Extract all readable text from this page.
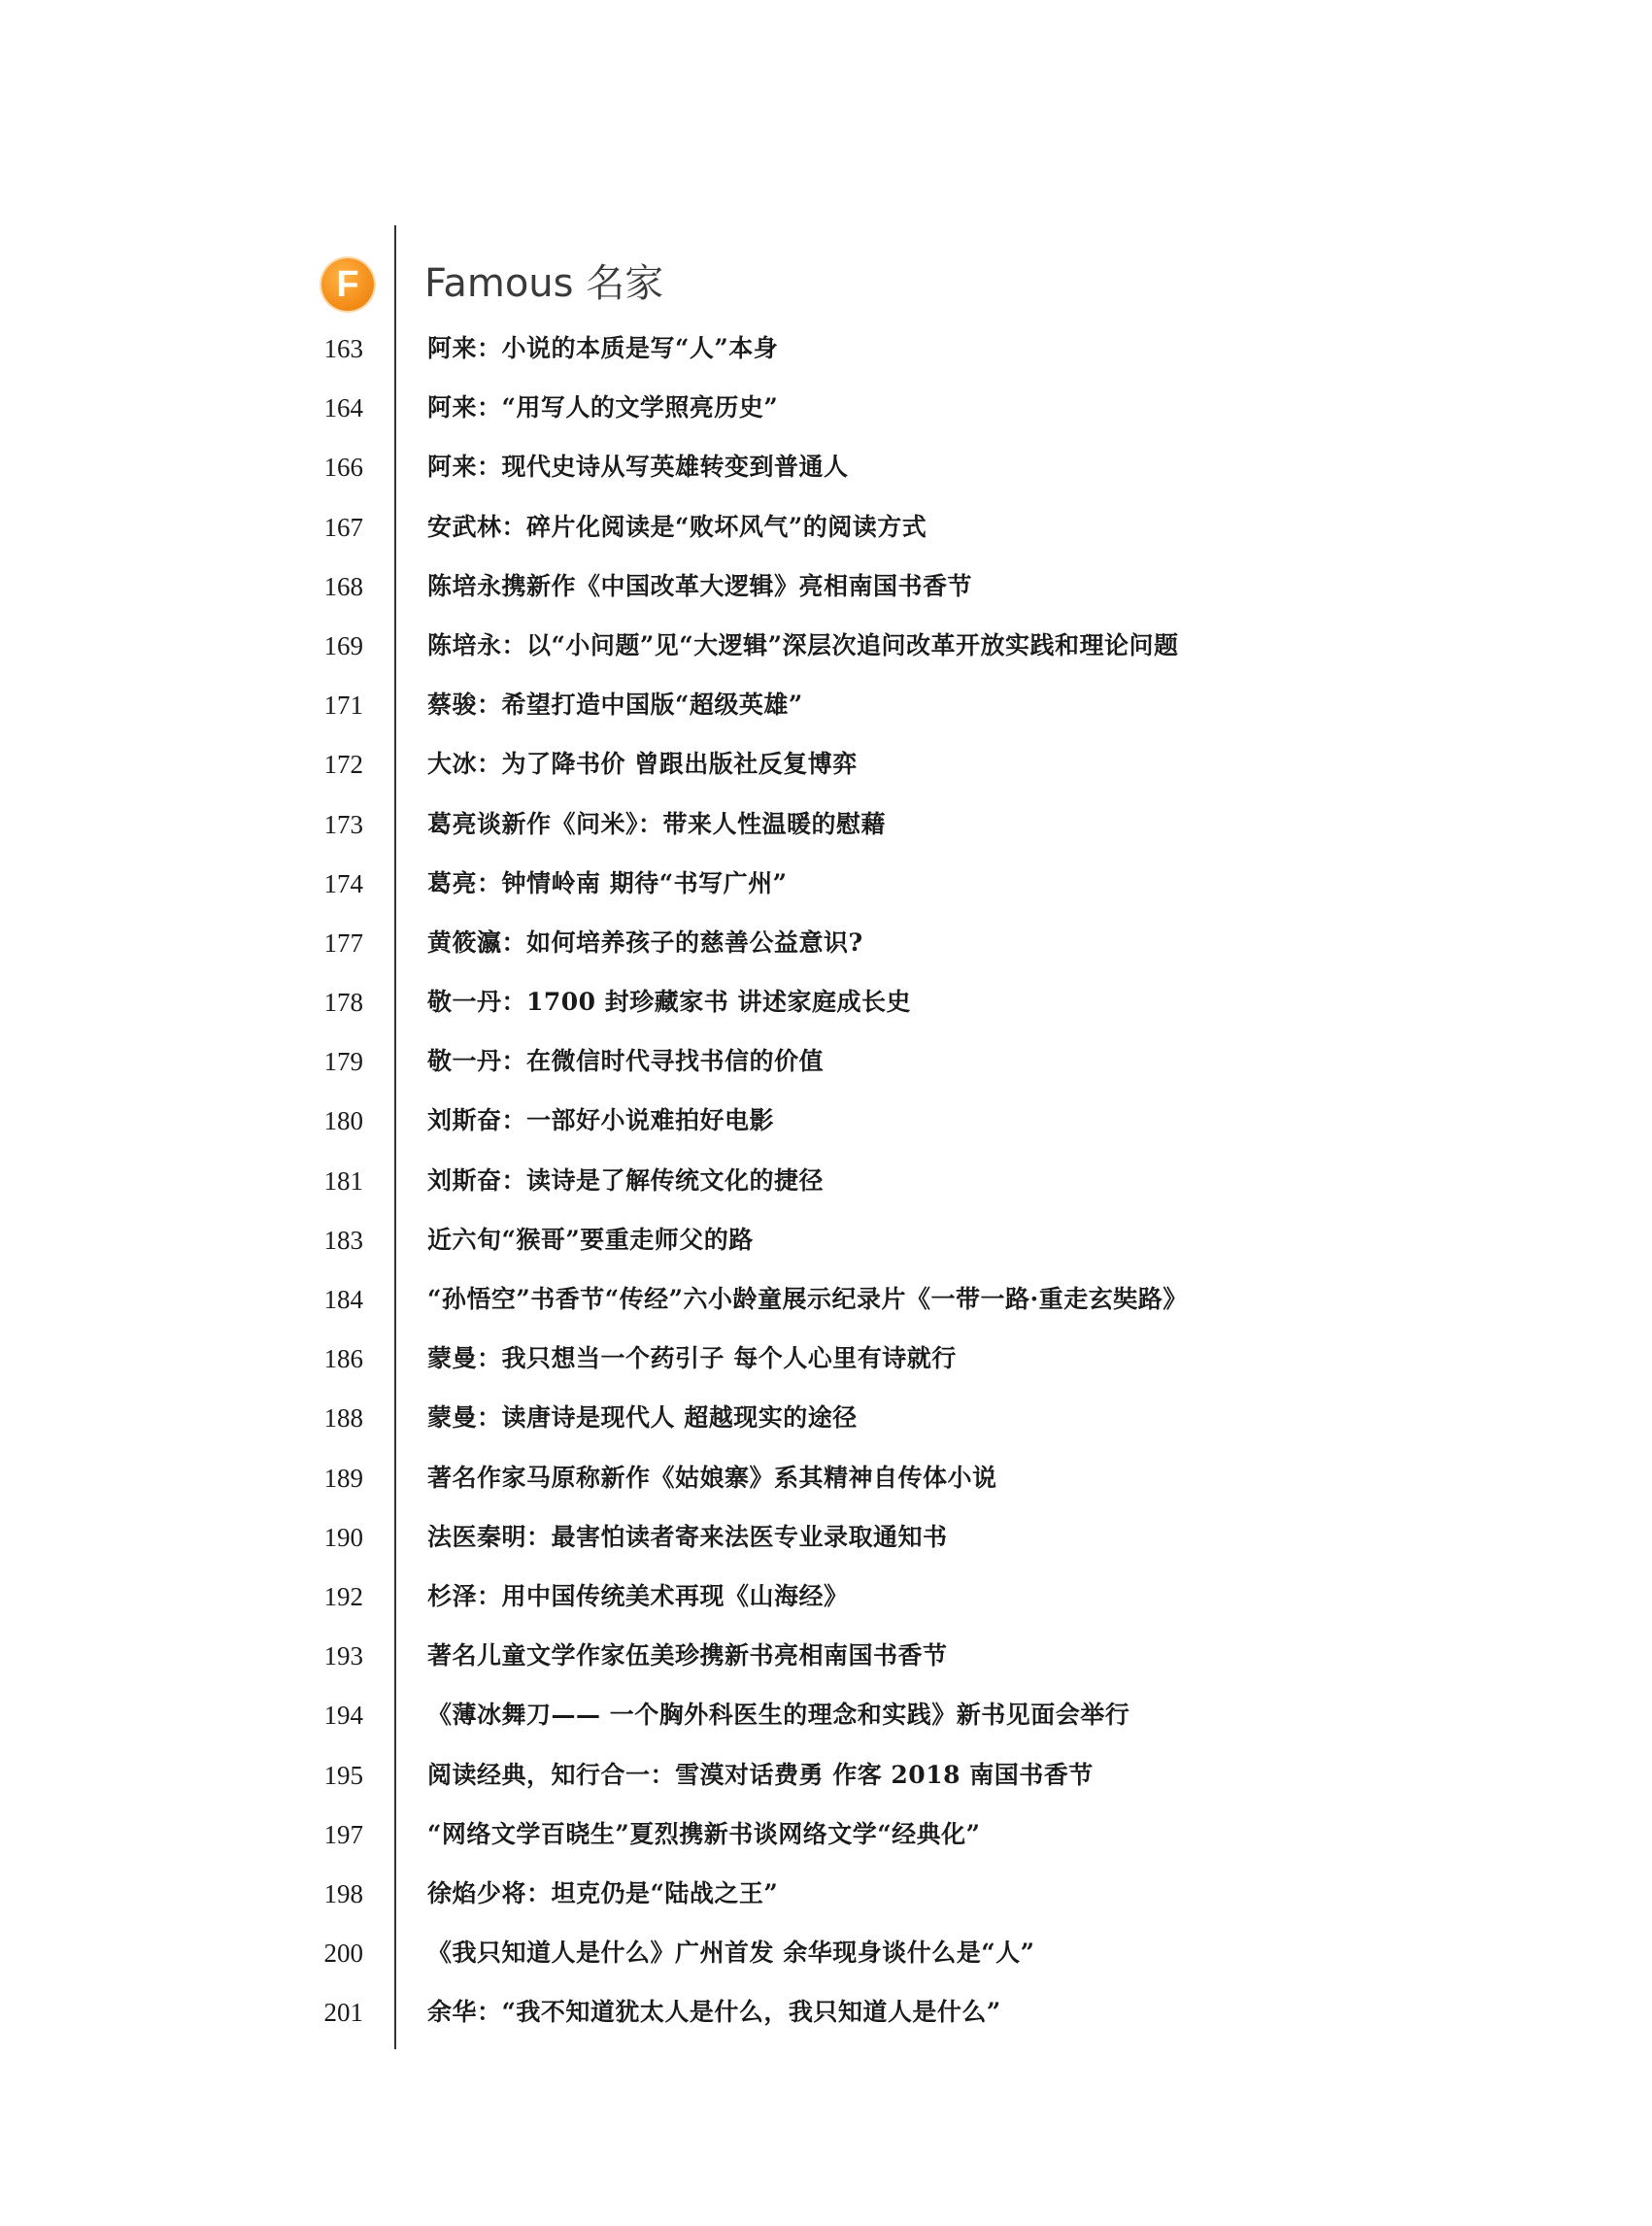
F	Famous 名家
163	阿来：小说的本质是写“人”本身
164	阿来：“用写人的文学照亮历史”
166	阿来：现代史诗从写英雄转变到普通人
167	安武林：碎片化阅读是“败坏风气”的阅读方式
168	陈培永携新作《中国改革大逻辑》亮相南国书香节
169	陈培永：以“小问题”见“大逻辑”深层次追问改革开放实践和理论问题
171	蔡骏：希望打造中国版“超级英雄”
172	大冰：为了降书价 曾跟出版社反复博弈
173	葛亮谈新作《问米》：带来人性温暖的慰藉
174	葛亮：钟情岭南 期待“书写广州”
177	黄筱瀛：如何培养孩子的慈善公益意识?
178	敬一丹：1700 封珍藏家书 讲述家庭成长史
179	敬一丹：在微信时代寻找书信的价值
180	刘斯奋：一部好小说难拍好电影
181	刘斯奋：读诗是了解传统文化的捷径
183	近六旬“猴哥”要重走师父的路
184	“孙悟空”书香节“传经”六小龄童展示纪录片《一带一路·重走玄奘路》
186	蒙曼：我只想当一个药引子 每个人心里有诗就行
188	蒙曼：读唐诗是现代人 超越现实的途径
189	著名作家马原称新作《姑娘寨》系其精神自传体小说
190	法医秦明：最害怕读者寄来法医专业录取通知书
192	杉泽：用中国传统美术再现《山海经》
193	著名儿童文学作家伍美珍携新书亮相南国书香节
194	《薄冰舞刀—— 一个胸外科医生的理念和实践》新书见面会举行
195	阅读经典，知行合一：雪漠对话费勇 作客 2018 南国书香节
197	“网络文学百晓生”夏烈携新书谈网络文学“经典化”
198	徐焰少将：坦克仍是“陆战之王”
200	《我只知道人是什么》广州首发 余华现身谈什么是“人”
201	余华：“我不知道犹太人是什么，我只知道人是什么”
